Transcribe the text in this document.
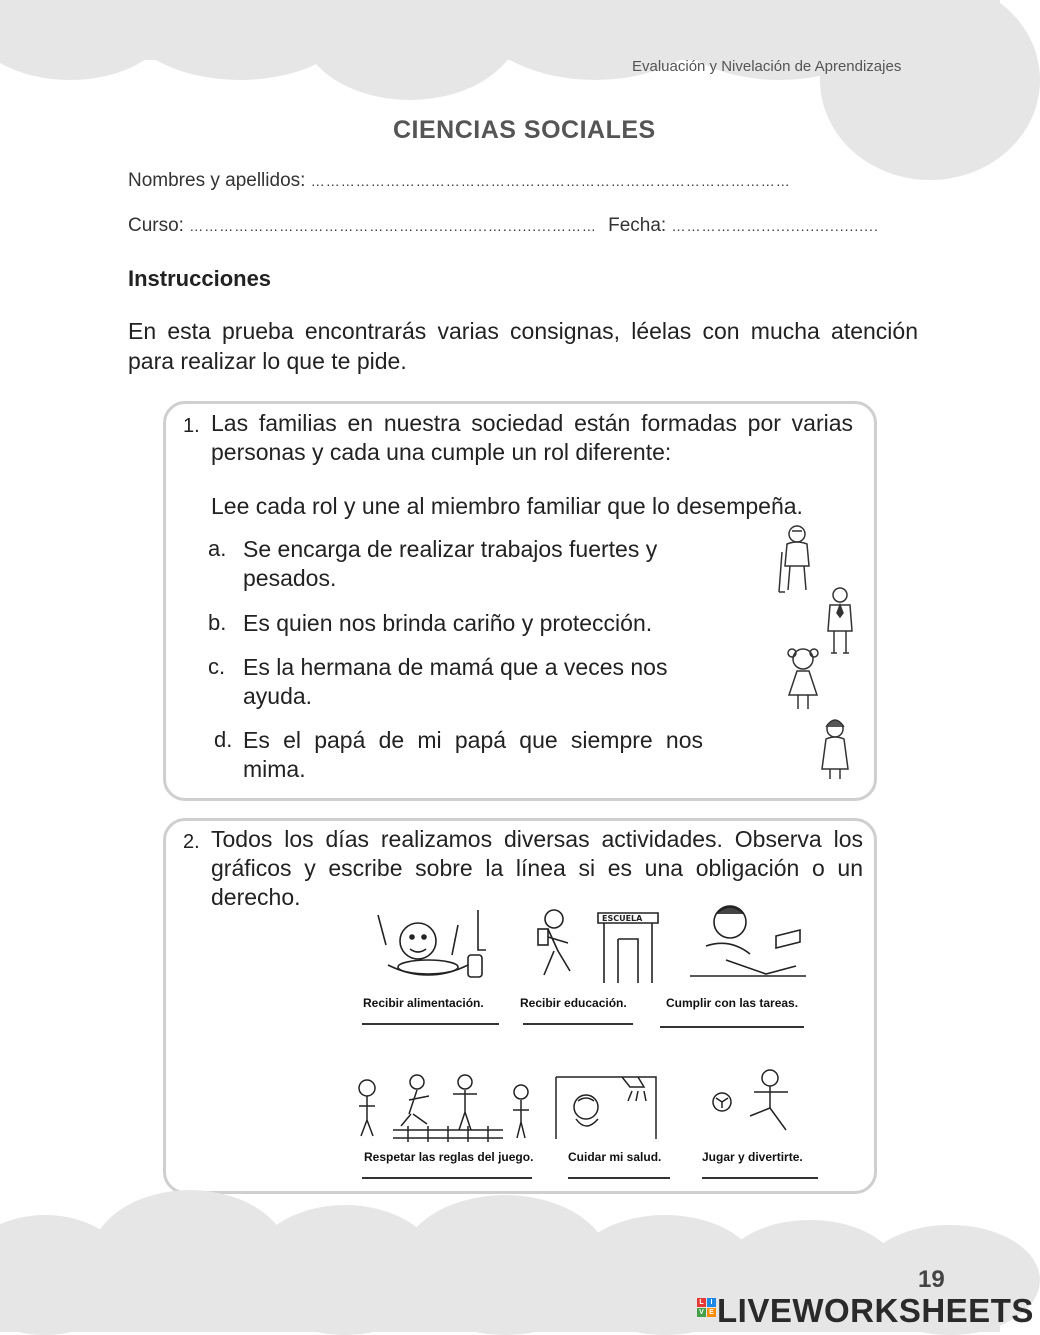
Evaluación y Nivelación de Aprendizajes
CIENCIAS SOCIALES
Nombres y apellidos: ……………………………………………………………………………………
Curso: …………………………………………............…..........……… Fecha: ………………........................
Instrucciones
En esta prueba encontrarás varias consignas, léelas con mucha atención para realizar lo que te pide.
1. Las familias en nuestra sociedad están formadas por varias personas y cada una cumple un rol diferente:
Lee cada rol y une al miembro familiar que lo desempeña.
a. Se encarga de realizar trabajos fuertes y pesados.
b. Es quien nos brinda cariño y protección.
c. Es la hermana de mamá que a veces nos ayuda.
d. Es el papá de mi papá que siempre nos mima.
2. Todos los días realizamos diversas actividades. Observa los gráficos y escribe sobre la línea si es una obligación o un derecho.
Recibir alimentación.
ESCUELA
Recibir educación.	Cumplir con las tareas.
Respetar las reglas del juego.	Cuidar mi salud.	Jugar y divertirte.
19
L I
V E LIVEWORKSHEETS
